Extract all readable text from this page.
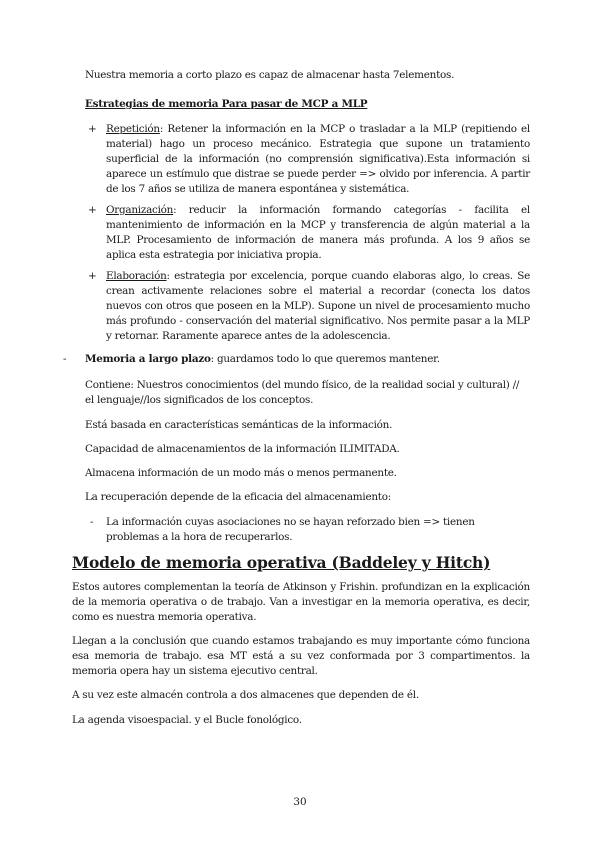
Nuestra memoria a corto plazo es capaz de almacenar hasta 7elementos.
Estrategias de memoria Para pasar de MCP a MLP
+ Repetición: Retener la información en la MCP o trasladar a la MLP (repitiendo el material) hago un proceso mecánico. Estrategia que supone un tratamiento superficial de la información (no comprensión significativa).Esta información si aparece un estímulo que distrae se puede perder => olvido por inferencia. A partir de los 7 años se utiliza de manera espontánea y sistemática.
+ Organización: reducir la información formando categorías - facilita el mantenimiento de información en la MCP y transferencia de algún material a la MLP. Procesamiento de información de manera más profunda. A los 9 años se aplica esta estrategia por iniciativa propia.
+ Elaboración: estrategia por excelencia, porque cuando elaboras algo, lo creas. Se crean activamente relaciones sobre el material a recordar (conecta los datos nuevos con otros que poseen en la MLP). Supone un nivel de procesamiento mucho más profundo - conservación del material significativo. Nos permite pasar a la MLP y retornar. Raramente aparece antes de la adolescencia.
- Memoria a largo plazo: guardamos todo lo que queremos mantener.
Contiene: Nuestros conocimientos (del mundo físico, de la realidad social y cultural) // el lenguaje//los significados de los conceptos.
Está basada en características semánticas de la información.
Capacidad de almacenamientos de la información ILIMITADA.
Almacena información de un modo más o menos permanente.
La recuperación depende de la eficacia del almacenamiento:
- La información cuyas asociaciones no se hayan reforzado bien => tienen problemas a la hora de recuperarlos.
Modelo de memoria operativa (Baddeley y Hitch)
Estos autores complementan la teoría de Atkinson y Frishin. profundizan en la explicación de la memoria operativa o de trabajo. Van a investigar en la memoria operativa, es decir, como es nuestra memoria operativa.
Llegan a la conclusión que cuando estamos trabajando es muy importante cómo funciona esa memoria de trabajo. esa MT está a su vez conformada por 3 compartimentos. la memoria opera hay un sistema ejecutivo central.
A su vez este almacén controla a dos almacenes que dependen de él.
La agenda visoespacial. y el Bucle fonológico.
30
